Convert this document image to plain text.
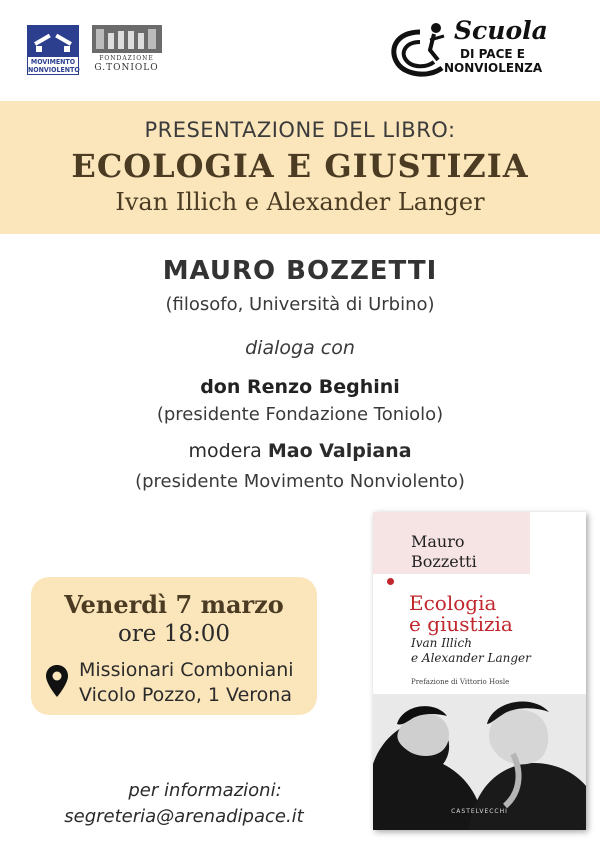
MOVIMENTO NONVIOLENTO
FONDAZIONE
G.TONIOLO
Scuola
DI PACE E
NONVIOLENZA
PRESENTAZIONE DEL LIBRO:
ECOLOGIA E GIUSTIZIA
Ivan Illich e Alexander Langer
MAURO BOZZETTI
(filosofo, Università di Urbino)
dialoga con
don Renzo Beghini
(presidente Fondazione Toniolo)
modera Mao Valpiana
(presidente Movimento Nonviolento)
Venerdì 7 marzo
ore 18:00
Missionari Comboniani
Vicolo Pozzo, 1 Verona
per informazioni:
segreteria@arenadipace.it
Mauro
Bozzetti
Ecologia
e giustizia
Ivan Illich
e Alexander Langer
Prefazione di Vittorio Hosle
CASTELVECCHI
